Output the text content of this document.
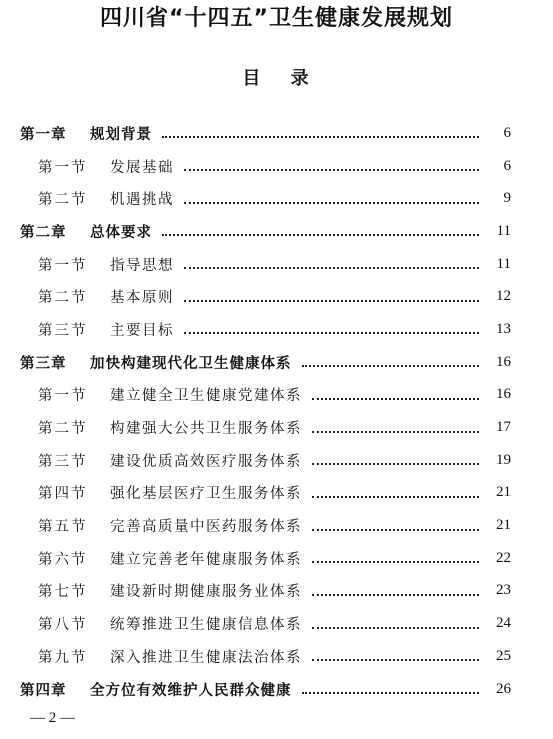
四川省“十四五”卫生健康发展规划
目 录
第一章	规划背景	6
第一节	发展基础	6
第二节	机遇挑战	9
第二章	总体要求	11
第一节	指导思想	11
第二节	基本原则	12
第三节	主要目标	13
第三章	加快构建现代化卫生健康体系	16
第一节	建立健全卫生健康党建体系	16
第二节	构建强大公共卫生服务体系	17
第三节	建设优质高效医疗服务体系	19
第四节	强化基层医疗卫生服务体系	21
第五节	完善高质量中医药服务体系	21
第六节	建立完善老年健康服务体系	22
第七节	建设新时期健康服务业体系	23
第八节	统筹推进卫生健康信息体系	24
第九节	深入推进卫生健康法治体系	25
第四章	全方位有效维护人民群众健康	26
— 2 —
